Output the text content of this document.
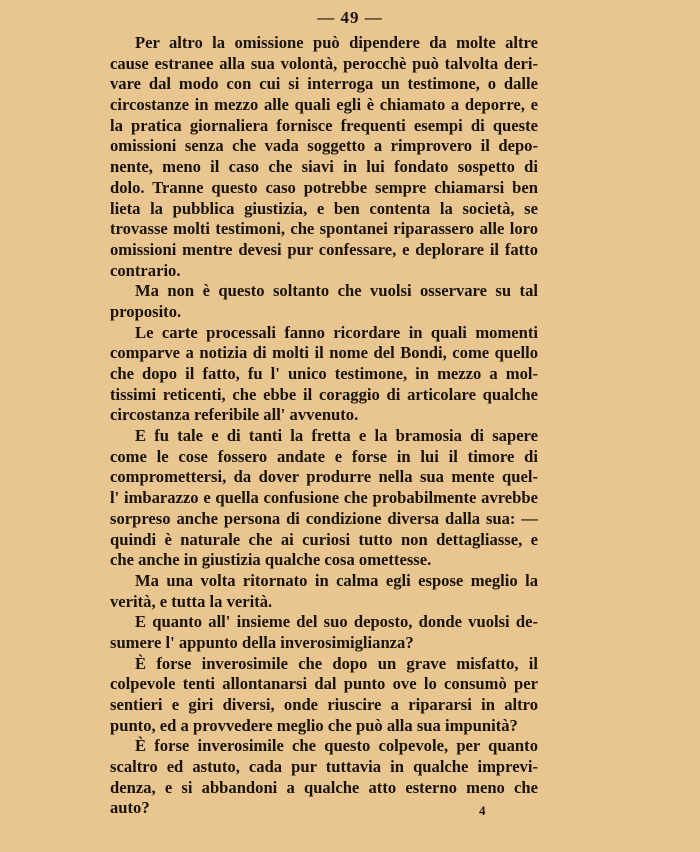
— 49 —
Per altro la omissione può dipendere da molte altre
cause estranee alla sua volontà, perocchè può talvolta deri-
vare dal modo con cui si interroga un testimone, o dalle
circostanze in mezzo alle quali egli è chiamato a deporre, e
la pratica giornaliera fornisce frequenti esempi di queste
omissioni senza che vada soggetto a rimprovero il depo-
nente, meno il caso che siavi in lui fondato sospetto di
dolo. Tranne questo caso potrebbe sempre chiamarsi ben
lieta la pubblica giustizia, e ben contenta la società, se
trovasse molti testimoni, che spontanei riparassero alle loro
omissioni mentre devesi pur confessare, e deplorare il fatto
contrario.
Ma non è questo soltanto che vuolsi osservare su tal
proposito.
Le carte processali fanno ricordare in quali momenti
comparve a notizia di molti il nome del Bondi, come quello
che dopo il fatto, fu l' unico testimone, in mezzo a mol-
tissimi reticenti, che ebbe il coraggio di articolare qualche
circostanza referibile all' avvenuto.
E fu tale e di tanti la fretta e la bramosia di sapere
come le cose fossero andate e forse in lui il timore di
compromettersi, da dover produrre nella sua mente quel-
l' imbarazzo e quella confusione che probabilmente avrebbe
sorpreso anche persona di condizione diversa dalla sua: —
quindi è naturale che ai curiosi tutto non dettagliasse, e
che anche in giustizia qualche cosa omettesse.
Ma una volta ritornato in calma egli espose meglio la
verità, e tutta la verità.
E quanto all' insieme del suo deposto, donde vuolsi de-
sumere l' appunto della inverosimiglianza?
È forse inverosimile che dopo un grave misfatto, il
colpevole tenti allontanarsi dal punto ove lo consumò per
sentieri e giri diversi, onde riuscire a ripararsi in altro
punto, ed a provvedere meglio che può alla sua impunità?
È forse inverosimile che questo colpevole, per quanto
scaltro ed astuto, cada pur tuttavia in qualche imprevi-
denza, e si abbandoni a qualche atto esterno meno che
auto?	4
